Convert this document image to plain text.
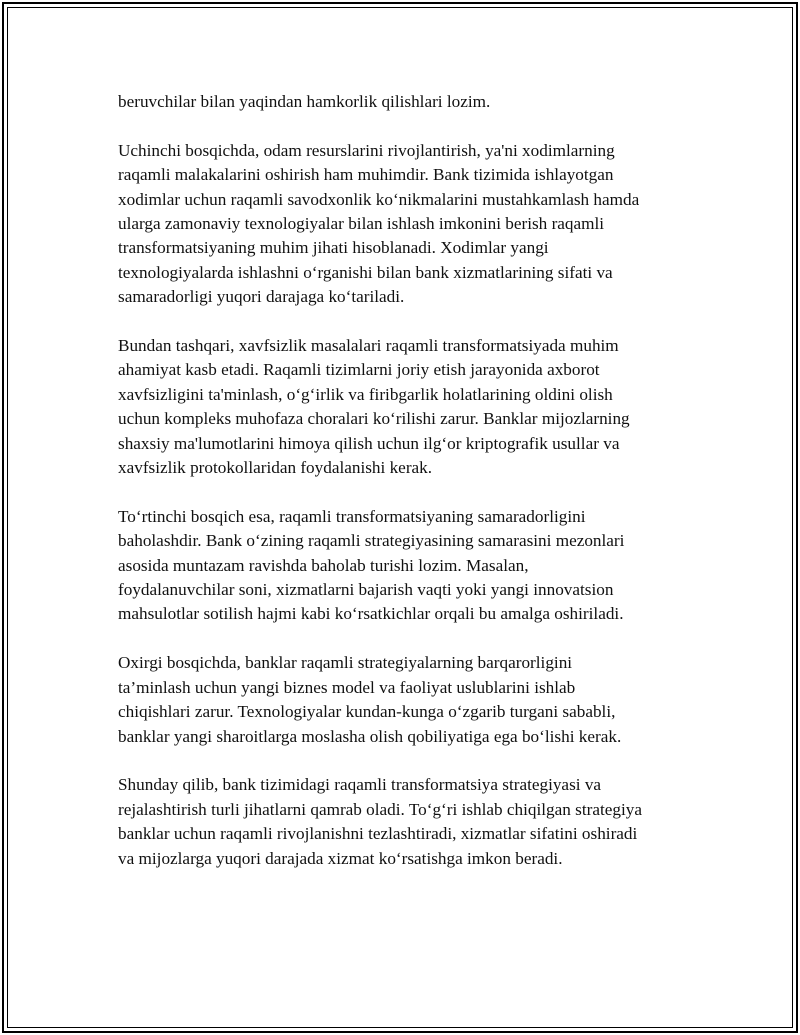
beruvchilar bilan yaqindan hamkorlik qilishlari lozim.

Uchinchi bosqichda, odam resurslarini rivojlantirish, ya'ni xodimlarning
raqamli malakalarini oshirish ham muhimdir. Bank tizimida ishlayotgan
xodimlar uchun raqamli savodxonlik ko‘nikmalarini mustahkamlash hamda
ularga zamonaviy texnologiyalar bilan ishlash imkonini berish raqamli
transformatsiyaning muhim jihati hisoblanadi. Xodimlar yangi
texnologiyalarda ishlashni o‘rganishi bilan bank xizmatlarining sifati va
samaradorligi yuqori darajaga ko‘tariladi.

Bundan tashqari, xavfsizlik masalalari raqamli transformatsiyada muhim
ahamiyat kasb etadi. Raqamli tizimlarni joriy etish jarayonida axborot
xavfsizligini ta'minlash, o‘g‘irlik va firibgarlik holatlarining oldini olish
uchun kompleks muhofaza choralari ko‘rilishi zarur. Banklar mijozlarning
shaxsiy ma'lumotlarini himoya qilish uchun ilg‘or kriptografik usullar va
xavfsizlik protokollaridan foydalanishi kerak.

To‘rtinchi bosqich esa, raqamli transformatsiyaning samaradorligini
baholashdir. Bank o‘zining raqamli strategiyasining samarasini mezonlari
asosida muntazam ravishda baholab turishi lozim. Masalan,
foydalanuvchilar soni, xizmatlarni bajarish vaqti yoki yangi innovatsion
mahsulotlar sotilish hajmi kabi ko‘rsatkichlar orqali bu amalga oshiriladi.

Oxirgi bosqichda, banklar raqamli strategiyalarning barqarorligini
ta’minlash uchun yangi biznes model va faoliyat uslublarini ishlab
chiqishlari zarur. Texnologiyalar kundan-kunga o‘zgarib turgani sababli,
banklar yangi sharoitlarga moslasha olish qobiliyatiga ega bo‘lishi kerak.

Shunday qilib, bank tizimidagi raqamli transformatsiya strategiyasi va
rejalashtirish turli jihatlarni qamrab oladi. To‘g‘ri ishlab chiqilgan strategiya
banklar uchun raqamli rivojlanishni tezlashtiradi, xizmatlar sifatini oshiradi
va mijozlarga yuqori darajada xizmat ko‘rsatishga imkon beradi.
